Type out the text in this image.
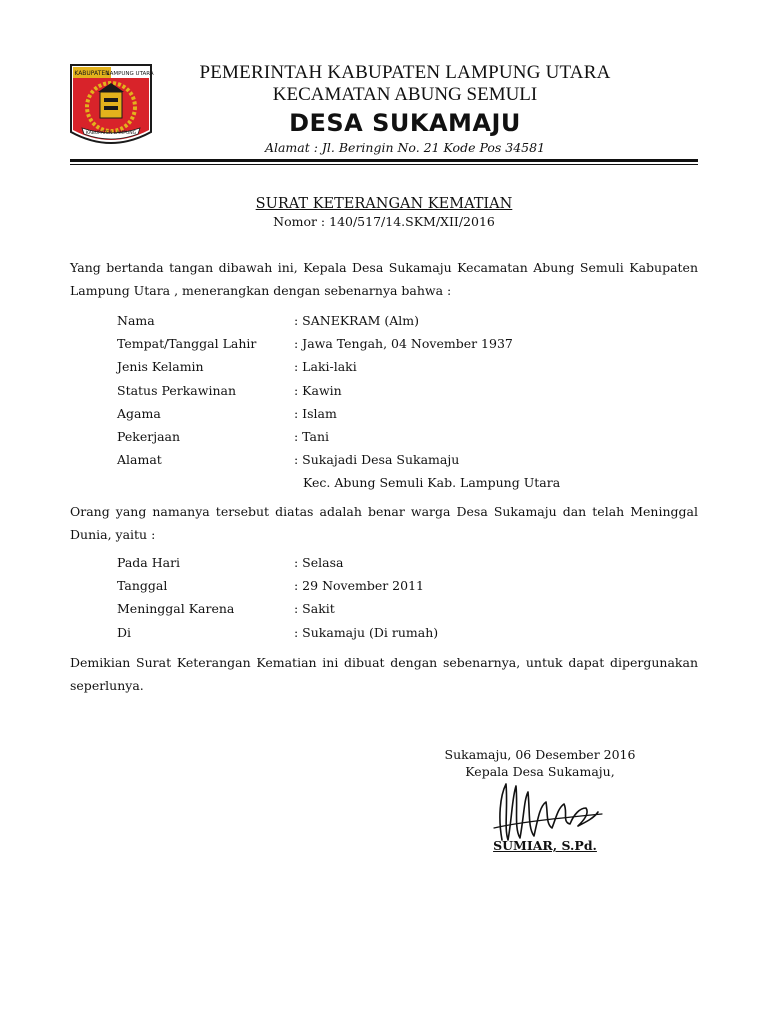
KABUPATEN
LAMPUNG UTARA
KABUPATEN LAMPUNG
PEMERINTAH KABUPATEN LAMPUNG UTARA
KECAMATAN ABUNG SEMULI
DESA SUKAMAJU
Alamat : Jl. Beringin No. 21 Kode Pos 34581
SURAT KETERANGAN KEMATIAN
Nomor : 140/517/14.SKM/XII/2016
Yang bertanda tangan dibawah ini, Kepala Desa Sukamaju Kecamatan Abung Semuli Kabupaten Lampung Utara , menerangkan dengan sebenarnya bahwa :
Nama	: SANEKRAM (Alm)
Tempat/Tanggal Lahir	: Jawa Tengah, 04 November 1937
Jenis Kelamin	: Laki-laki
Status Perkawinan	: Kawin
Agama	: Islam
Pekerjaan	: Tani
Alamat	: Sukajadi Desa Sukamaju
Kec. Abung Semuli Kab. Lampung Utara
Orang yang namanya tersebut diatas adalah benar warga Desa Sukamaju dan telah Meninggal Dunia, yaitu :
Pada Hari	: Selasa
Tanggal	: 29 November 2011
Meninggal Karena	: Sakit
Di	: Sukamaju (Di rumah)
Demikian Surat Keterangan Kematian ini dibuat dengan sebenarnya, untuk dapat dipergunakan seperlunya.
Sukamaju, 06 Desember 2016
Kepala Desa Sukamaju,
SUMIAR, S.Pd.
